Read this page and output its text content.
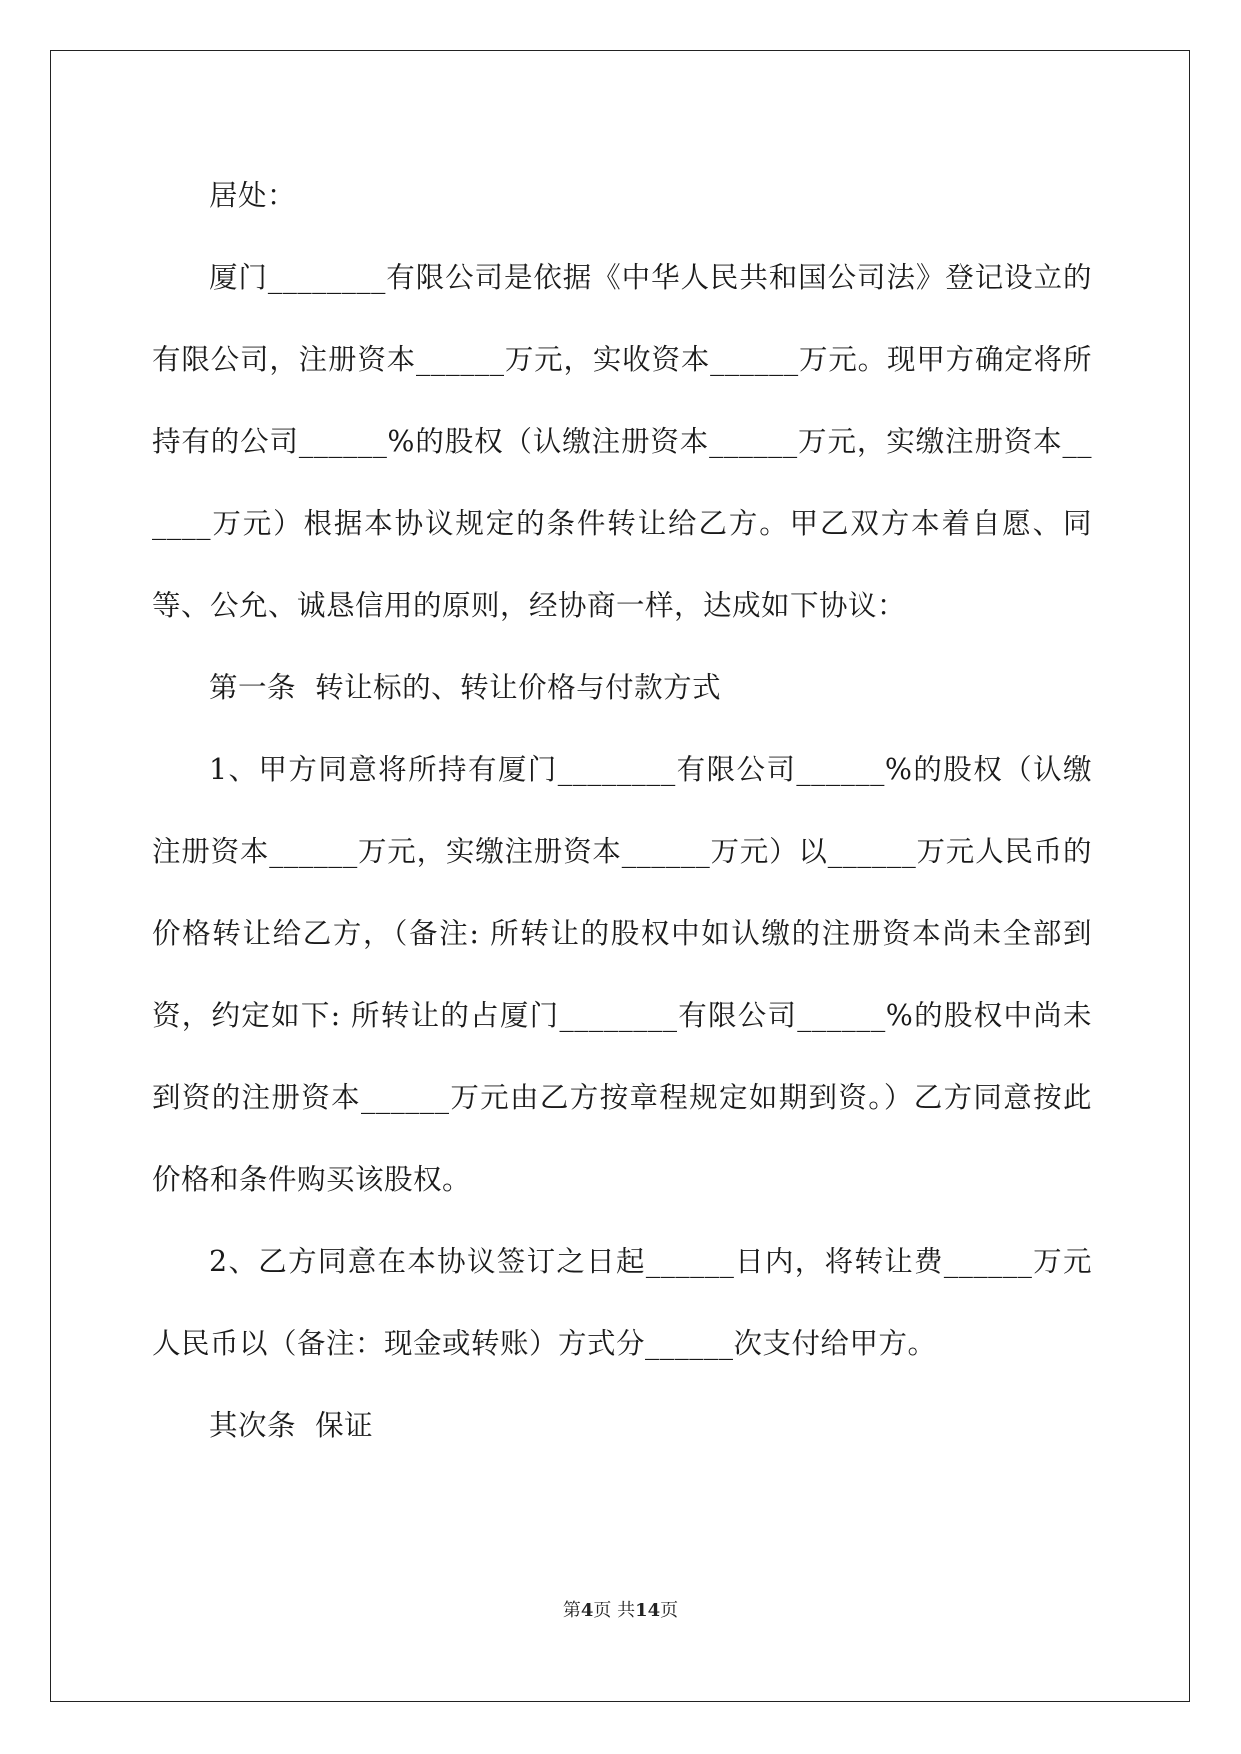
居处：

厦门________有限公司是依据《中华人民共和国公司法》登记设立的有限公司，注册资本______万元，实收资本______万元。现甲方确定将所持有的公司______%的股权（认缴注册资本______万元，实缴注册资本______万元）根据本协议规定的条件转让给乙方。甲乙双方本着自愿、同等、公允、诚恳信用的原则，经协商一样，达成如下协议：

第一条  转让标的、转让价格与付款方式

1、甲方同意将所持有厦门________有限公司______%的股权（认缴注册资本______万元，实缴注册资本______万元）以______万元人民币的价格转让给乙方，（备注: 所转让的股权中如认缴的注册资本尚未全部到资，约定如下: 所转让的占厦门________有限公司______%的股权中尚未到资的注册资本______万元由乙方按章程规定如期到资。）乙方同意按此价格和条件购买该股权。

2、乙方同意在本协议签订之日起______日内，将转让费______万元人民币以（备注：现金或转账）方式分______次支付给甲方。

其次条  保证

第4页 共14页
